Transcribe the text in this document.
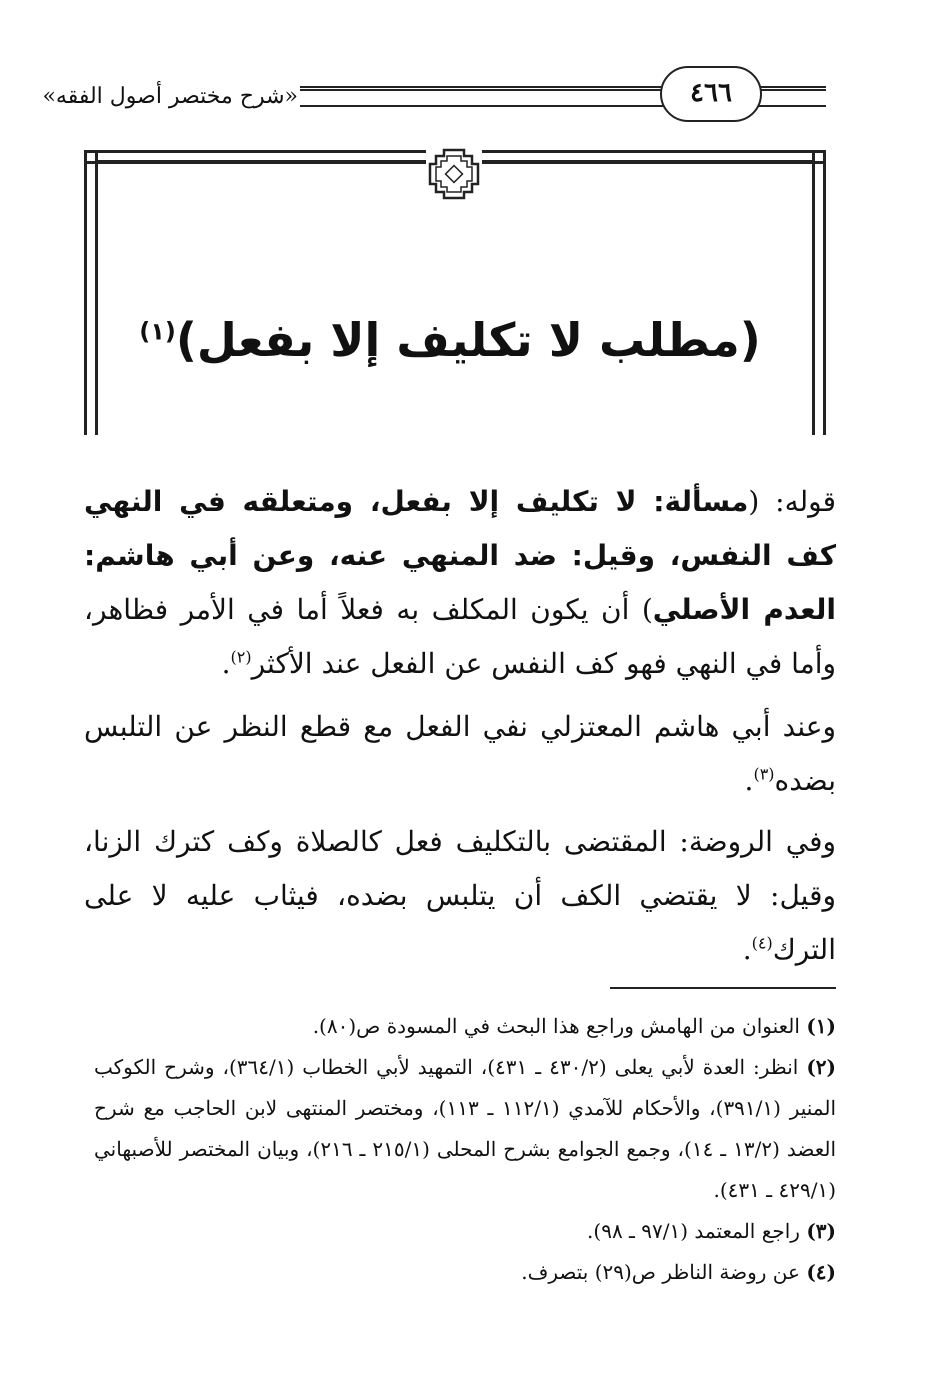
«شرح مختصر أصول الفقه»	٤٦٦
(مطلب لا تكليف إلا بفعل)$^{(١)}$
قوله: (مسألة: لا تكليف إلا بفعل، ومتعلقه في النهي كف النفس، وقيل: ضد المنهي عنه، وعن أبي هاشم: العدم الأصلي) أن يكون المكلف به فعلاً أما في الأمر فظاهر، وأما في النهي فهو كف النفس عن الفعل عند الأكثر$^{(٢)}$.
وعند أبي هاشم المعتزلي نفي الفعل مع قطع النظر عن التلبس بضده$^{(٣)}$.
وفي الروضة: المقتضى بالتكليف فعل كالصلاة وكف كترك الزنا، وقيل: لا يقتضي الكف أن يتلبس بضده، فيثاب عليه لا على الترك$^{(٤)}$.

(١) العنوان من الهامش وراجع هذا البحث في المسودة ص(٨٠).

(٢) انظر: العدة لأبي يعلى (٤٣٠/٢ ـ ٤٣١)، التمهيد لأبي الخطاب (٣٦٤/١)، وشرح الكوكب المنير (٣٩١/١)، والأحكام للآمدي (١١٢/١ ـ ١١٣)، ومختصر المنتهى لابن الحاجب مع شرح العضد (١٣/٢ ـ ١٤)، وجمع الجوامع بشرح المحلى (٢١٥/١ ـ ٢١٦)، وبيان المختصر للأصبهاني (٤٢٩/١ ـ ٤٣١).

(٣) راجع المعتمد (٩٧/١ ـ ٩٨).

(٤) عن روضة الناظر ص(٢٩) بتصرف.
